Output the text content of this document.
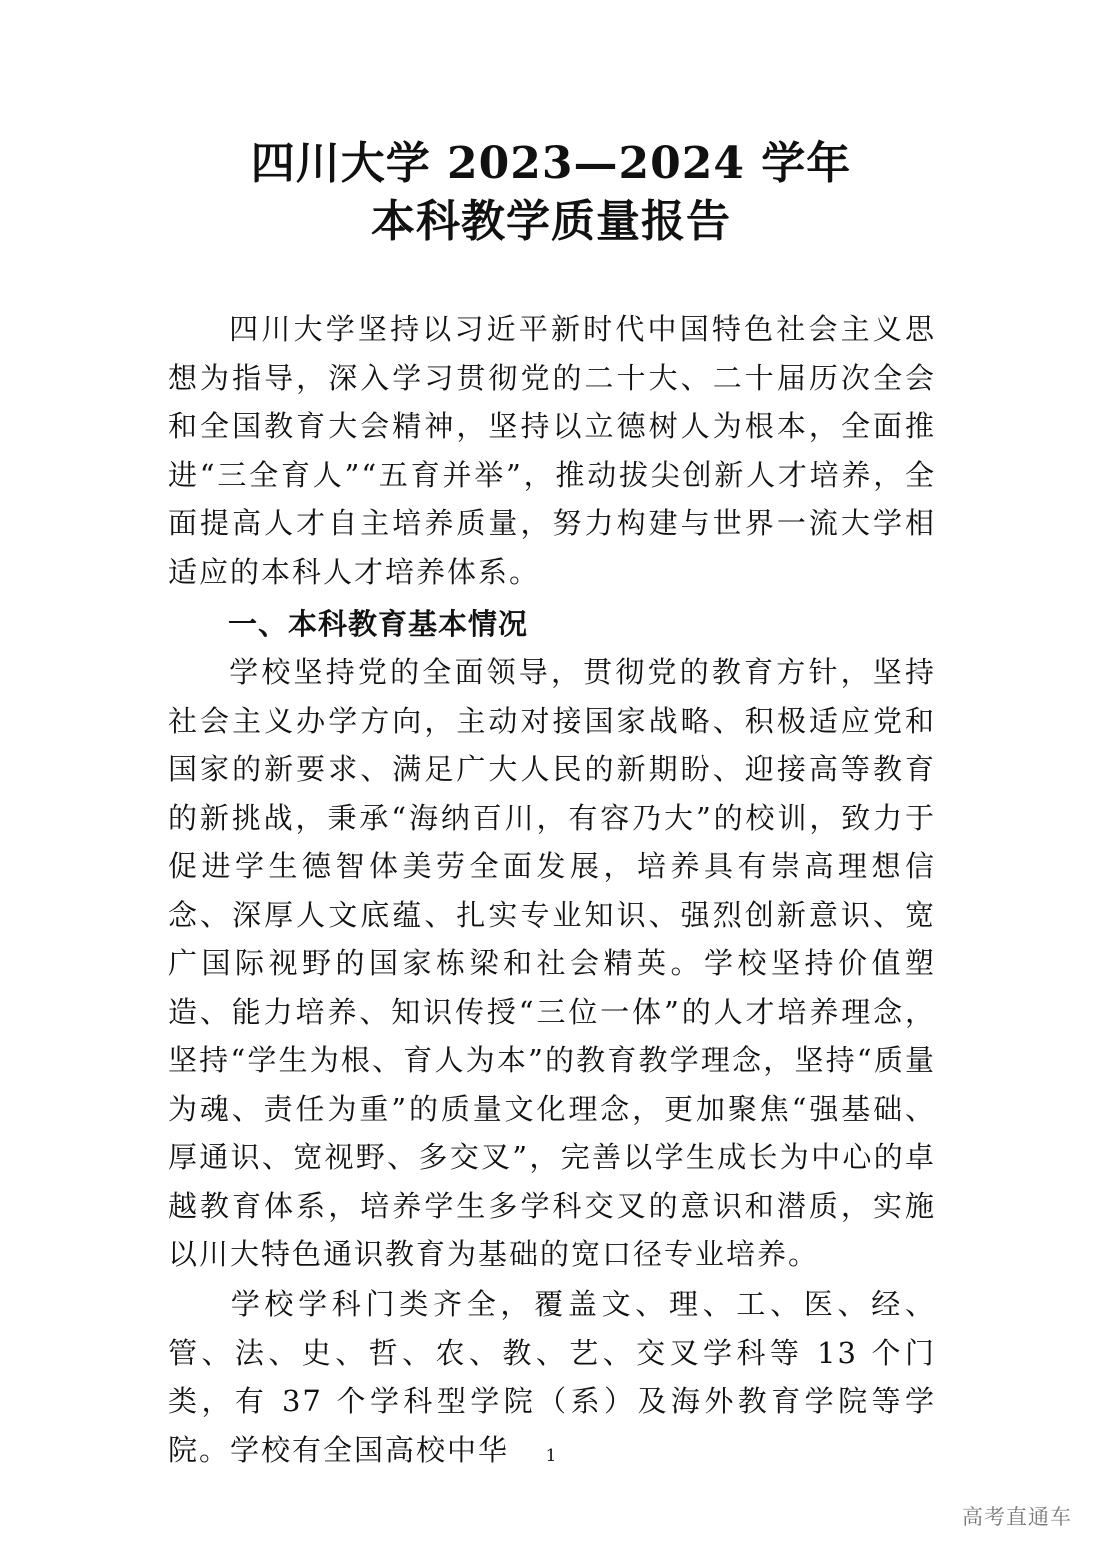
四川大学 2023—2024 学年
本科教学质量报告

四川大学坚持以习近平新时代中国特色社会主义思想为指导，深入学习贯彻党的二十大、二十届历次全会和全国教育大会精神，坚持以立德树人为根本，全面推进“三全育人”“五育并举”，推动拔尖创新人才培养，全面提高人才自主培养质量，努力构建与世界一流大学相适应的本科人才培养体系。

一、本科教育基本情况

学校坚持党的全面领导，贯彻党的教育方针，坚持社会主义办学方向，主动对接国家战略、积极适应党和国家的新要求、满足广大人民的新期盼、迎接高等教育的新挑战，秉承“海纳百川，有容乃大”的校训，致力于促进学生德智体美劳全面发展，培养具有崇高理想信念、深厚人文底蕴、扎实专业知识、强烈创新意识、宽广国际视野的国家栋梁和社会精英。学校坚持价值塑造、能力培养、知识传授“三位一体”的人才培养理念，坚持“学生为根、育人为本”的教育教学理念，坚持“质量为魂、责任为重”的质量文化理念，更加聚焦“强基础、厚通识、宽视野、多交叉”，完善以学生成长为中心的卓越教育体系，培养学生多学科交叉的意识和潜质，实施以川大特色通识教育为基础的宽口径专业培养。

学校学科门类齐全，覆盖文、理、工、医、经、管、法、史、哲、农、教、艺、交叉学科等 13 个门类，有 37 个学科型学院（系）及海外教育学院等学院。学校有全国高校中华	1
高考直通车
